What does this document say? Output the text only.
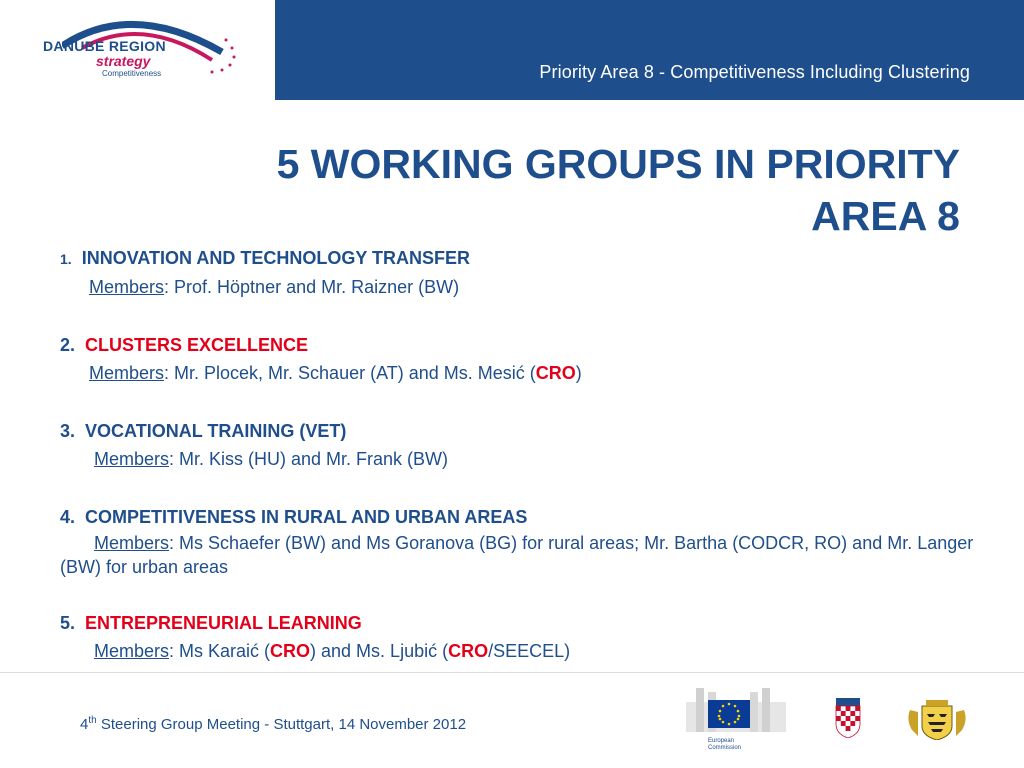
DANUBE REGION
strategy
Competitiveness	Priority Area 8 - Competitiveness Including Clustering
5 WORKING GROUPS IN PRIORITY
AREA 8
1. INNOVATION AND TECHNOLOGY TRANSFER
Members: Prof. Höptner and Mr. Raizner (BW)
2. CLUSTERS EXCELLENCE
Members: Mr. Plocek, Mr. Schauer (AT) and Ms. Mesić (CRO)
3. VOCATIONAL TRAINING (VET)
Members: Mr. Kiss (HU) and Mr. Frank (BW)
4. COMPETITIVENESS IN RURAL AND URBAN AREAS
Members: Ms Schaefer (BW) and Ms Goranova (BG) for rural areas; Mr. Bartha (CODCR, RO) and Mr. Langer (BW) for urban areas
5. ENTREPRENEURIAL LEARNING
Members: Ms Karaić (CRO) and Ms. Ljubić (CRO/SEECEL)
4th Steering Group Meeting - Stuttgart, 14 November 2012
European
Commission
